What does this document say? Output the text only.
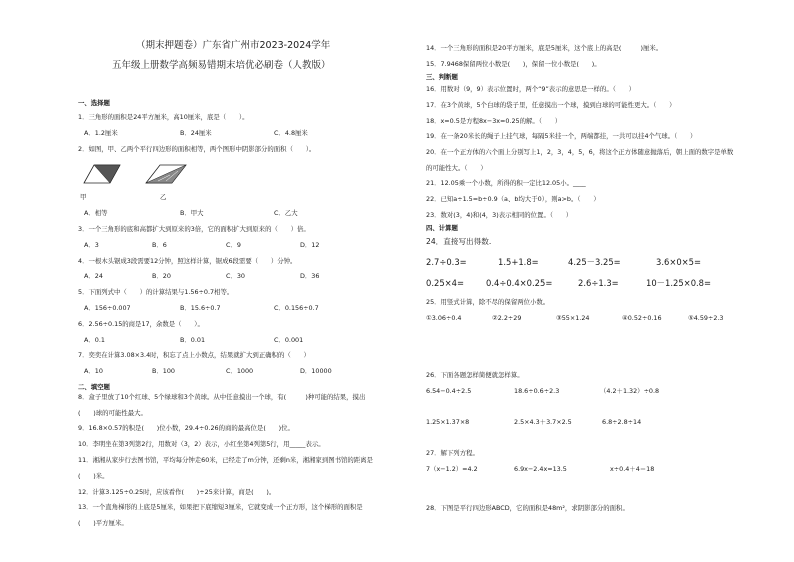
（期末押题卷）广东省广州市2023-2024学年
五年级上册数学高频易错期末培优必刷卷（人教版）
一、选择题
1．三角形的面积是24平方厘米，高10厘米，底是（　　）。
A．1.2厘米	B．24厘米	C．4.8厘米
2．如图，甲、乙两个平行四边形的面积相等，两个图形中阴影部分的面积（　　）。
甲	乙
A．相等	B．甲大	C．乙大
3．一个三角形的底和高都扩大到原来的3倍，它的面积扩大到原来的（　　）倍。
A．3	B．6	C．9	D．12
4．一根木头锯成3段需要12分钟，照这样计算，锯成6段需要（　　）分钟。
A．24	B．20	C．30	D．36
5．下面列式中（　　）的计算结果与1.56÷0.7相等。
A．156÷0.007	B．15.6÷0.7	C．0.156÷0.7
6．2.56÷0.15的商是17，余数是（　　）。
A．0.1	B．0.01	C．0.001
7．奕奕在计算3.08×3.4时，积忘了点上小数点，结果就扩大到正确积的（　　）
A．10	B．100	C．1000	D．10000
二、填空题
8．盒子里放了10个红球、5个绿球和3个黄球。从中任意摸出一个球，有(　　　)种可能的结果，摸出
(　　)球的可能性最大。
9．16.8×0.57的积是(　　)位小数，29.4÷0.26的商的最高位是(　　)位。
10．李明坐在第3列第2行，用数对（3，2）表示，小红坐第4列第5行，用_____表示。
11．湘湘从家步行去图书馆，平均每分钟走60米，已经走了m分钟，还剩n米，湘湘家到图书馆的距离是
(　　)米。
12．计算3.125÷0.25时，应该看作(　　)÷25来计算，商是(　　)。
13．一个直角梯形的上底是5厘米，如果把下底缩短3厘米，它就变成一个正方形，这个梯形的面积是
(　　)平方厘米。
14．一个三角形的面积是20平方厘米，底是5厘米，这个底上的高是(　　　)厘米。
15．7.9468保留两位小数是(　　)，保留一位小数是(　　)。
三、判断题
16．用数对（9，9）表示位置时，两个“9”表示的意思是一样的。（　　）
17．在3个黄球，5个白球的袋子里，任意摸出一个球，摸到白球的可能性更大。（　　）
18．x=0.5是方程8x−3x=0.25的解。（　　）
19．在一条20米长的绳子上挂气球，每隔5米挂一个，两端都挂，一共可以挂4个气球。（　　）
20．在一个正方体的六个面上分别写上1，2，3，4，5，6，将这个正方体随意抛落后，朝上面的数字是单数
的可能性大。（　　）
21．12.05乘一个小数，所得的积一定比12.05小。____
22．已知a÷1.5=b÷0.9（a、b均大于0），则a>b。（　　）
23．数对(3，4)和(4，3)表示相同的位置。（　　）
四、计算题
24．直接写出得数.
2.7÷0.3=	1.5+1.8=	4.25－3.25=	3.6×0×5=
0.25×4=	0.4÷0.4×0.25=	2.6÷1.3=	10－1.25×0.8=
25．用竖式计算，除不尽的保留两位小数。
①3.06÷0.4	②2.2÷29	③55×1.24	④0.52÷0.16	⑤4.59÷2.3
26．下面各题怎样简便就怎样算。
6.54−0.4÷2.5	18.6÷0.6÷2.3	（4.2＋1.32）÷0.8
1.25×1.37×8	2.5×4.3＋3.7×2.5	6.8÷2.8÷14
27．解下列方程。
7（x−1.2）=4.2	6.9x−2.4x=13.5	x÷0.4＋4＝18
28．下图是平行四边形ABCD，它的面积是48m²，求阴影部分的面积。
